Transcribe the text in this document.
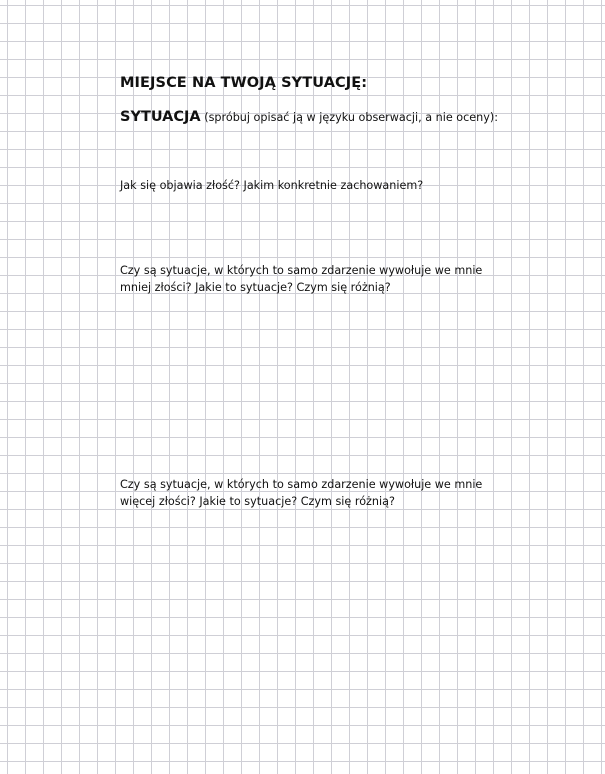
MIEJSCE NA TWOJĄ SYTUACJĘ:
SYTUACJA (spróbuj opisać ją w języku obserwacji, a nie oceny):
Jak się objawia złość? Jakim konkretnie zachowaniem?
Czy są sytuacje, w których to samo zdarzenie wywołuje we mnie
mniej złości? Jakie to sytuacje? Czym się różnią?
Czy są sytuacje, w których to samo zdarzenie wywołuje we mnie
więcej złości? Jakie to sytuacje? Czym się różnią?
